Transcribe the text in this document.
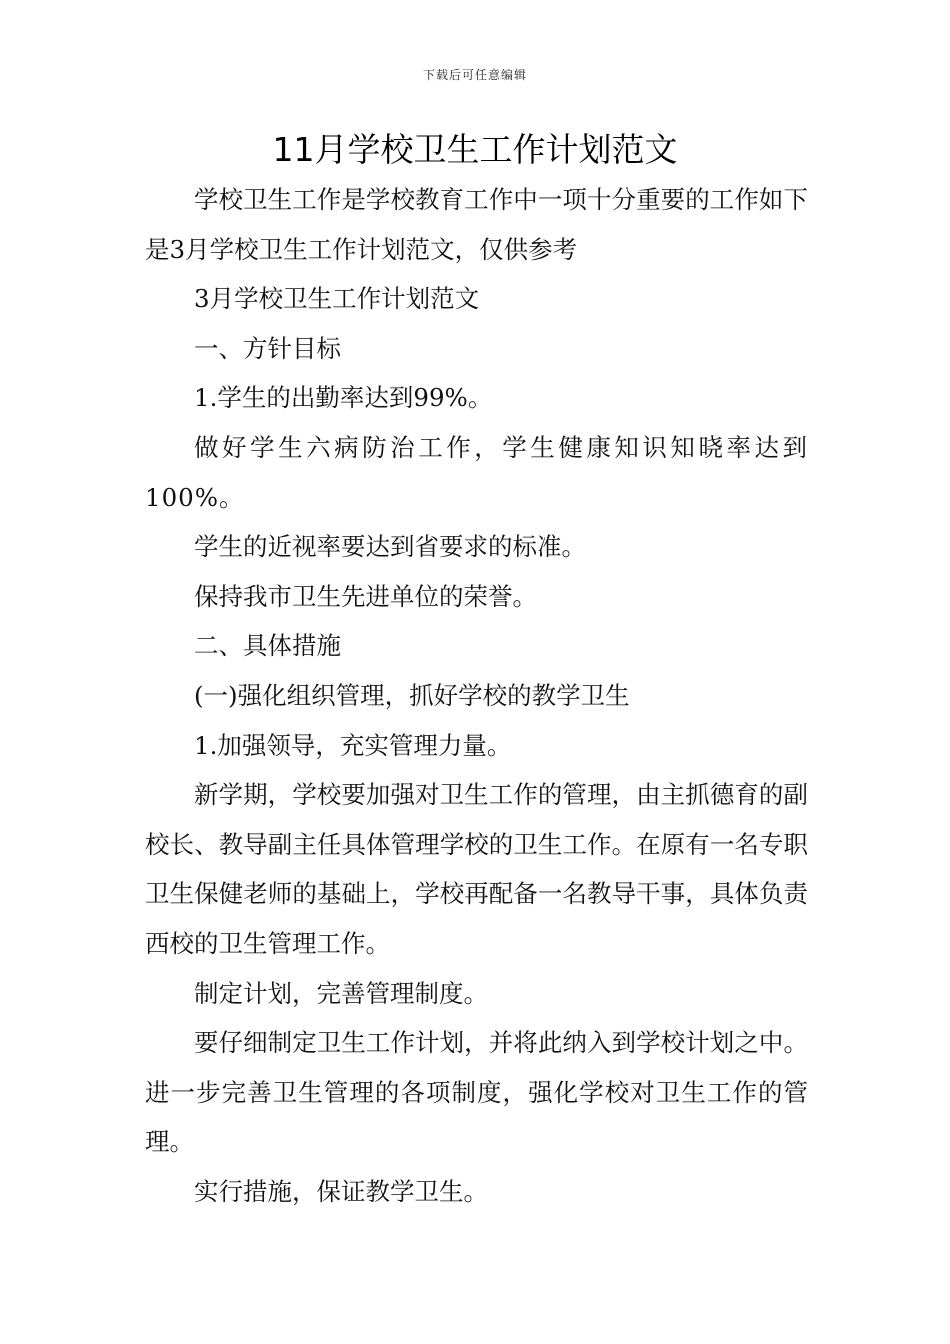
下载后可任意编辑
11月学校卫生工作计划范文

学校卫生工作是学校教育工作中一项十分重要的工作如下是3月学校卫生工作计划范文，仅供参考

3月学校卫生工作计划范文

一、方针目标

1.学生的出勤率达到99%。

做好学生六病防治工作，学生健康知识知晓率达到100%。

学生的近视率要达到省要求的标准。

保持我市卫生先进单位的荣誉。

二、具体措施

(一)强化组织管理，抓好学校的教学卫生

1.加强领导，充实管理力量。

新学期，学校要加强对卫生工作的管理，由主抓德育的副校长、教导副主任具体管理学校的卫生工作。在原有一名专职卫生保健老师的基础上，学校再配备一名教导干事，具体负责西校的卫生管理工作。

制定计划，完善管理制度。

要仔细制定卫生工作计划，并将此纳入到学校计划之中。进一步完善卫生管理的各项制度，强化学校对卫生工作的管理。

实行措施，保证教学卫生。
